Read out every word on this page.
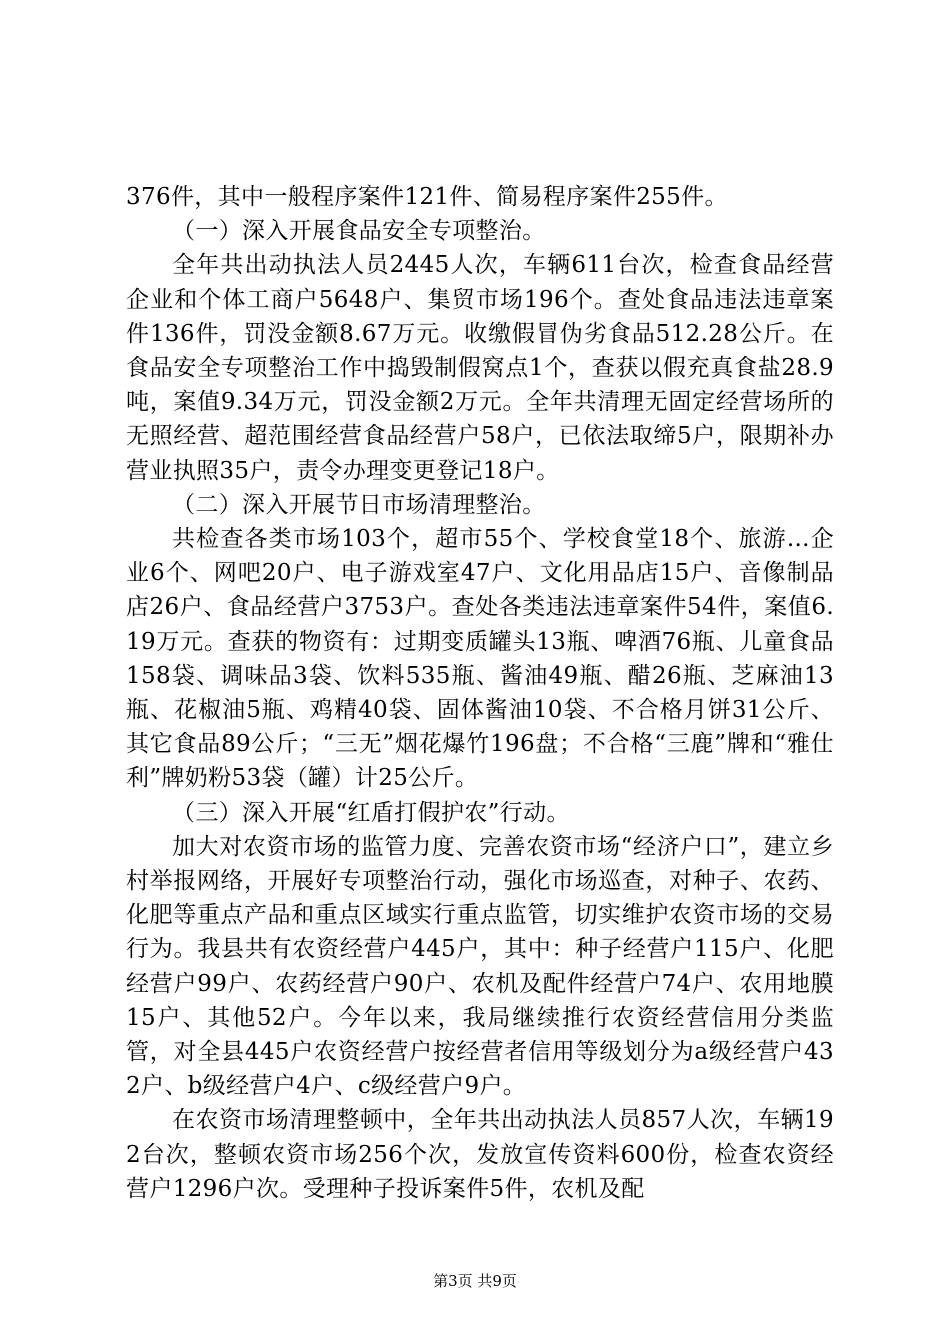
376件，其中一般程序案件121件、简易程序案件255件。

（一）深入开展食品安全专项整治。

全年共出动执法人员2445人次，车辆611台次，检查食品经营企业和个体工商户5648户、集贸市场196个。查处食品违法违章案件136件，罚没金额8.67万元。收缴假冒伪劣食品512.28公斤。在食品安全专项整治工作中捣毁制假窝点1个，查获以假充真食盐28.9吨，案值9.34万元，罚没金额2万元。全年共清理无固定经营场所的无照经营、超范围经营食品经营户58户，已依法取缔5户，限期补办营业执照35户，责令办理变更登记18户。

（二）深入开展节日市场清理整治。

共检查各类市场103个，超市55个、学校食堂18个、旅游...企业6个、网吧20户、电子游戏室47户、文化用品店15户、音像制品店26户、食品经营户3753户。查处各类违法违章案件54件，案值6.19万元。查获的物资有：过期变质罐头13瓶、啤酒76瓶、儿童食品158袋、调味品3袋、饮料535瓶、酱油49瓶、醋26瓶、芝麻油13瓶、花椒油5瓶、鸡精40袋、固体酱油10袋、不合格月饼31公斤、其它食品89公斤；“三无”烟花爆竹196盘；不合格“三鹿”牌和“雅仕利”牌奶粉53袋（罐）计25公斤。

（三）深入开展“红盾打假护农”行动。

加大对农资市场的监管力度、完善农资市场“经济户口”，建立乡村举报网络，开展好专项整治行动，强化市场巡查，对种子、农药、化肥等重点产品和重点区域实行重点监管，切实维护农资市场的交易行为。我县共有农资经营户445户，其中：种子经营户115户、化肥经营户99户、农药经营户90户、农机及配件经营户74户、农用地膜15户、其他52户。今年以来，我局继续推行农资经营信用分类监管，对全县445户农资经营户按经营者信用等级划分为a级经营户432户、b级经营户4户、c级经营户9户。

在农资市场清理整顿中，全年共出动执法人员857人次，车辆192台次，整顿农资市场256个次，发放宣传资料600份，检查农资经营户1296户次。受理种子投诉案件5件，农机及配

第3页 共9页
